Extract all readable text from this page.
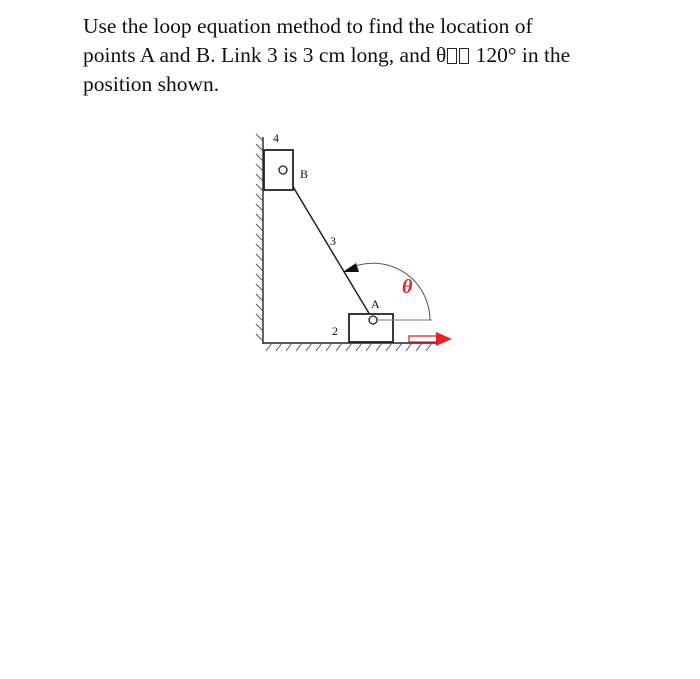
Use the loop equation method to find the location of
points A and B. Link 3 is 3 cm long, and θ 120° in the
position shown.
4
B
3
θ
A
2
